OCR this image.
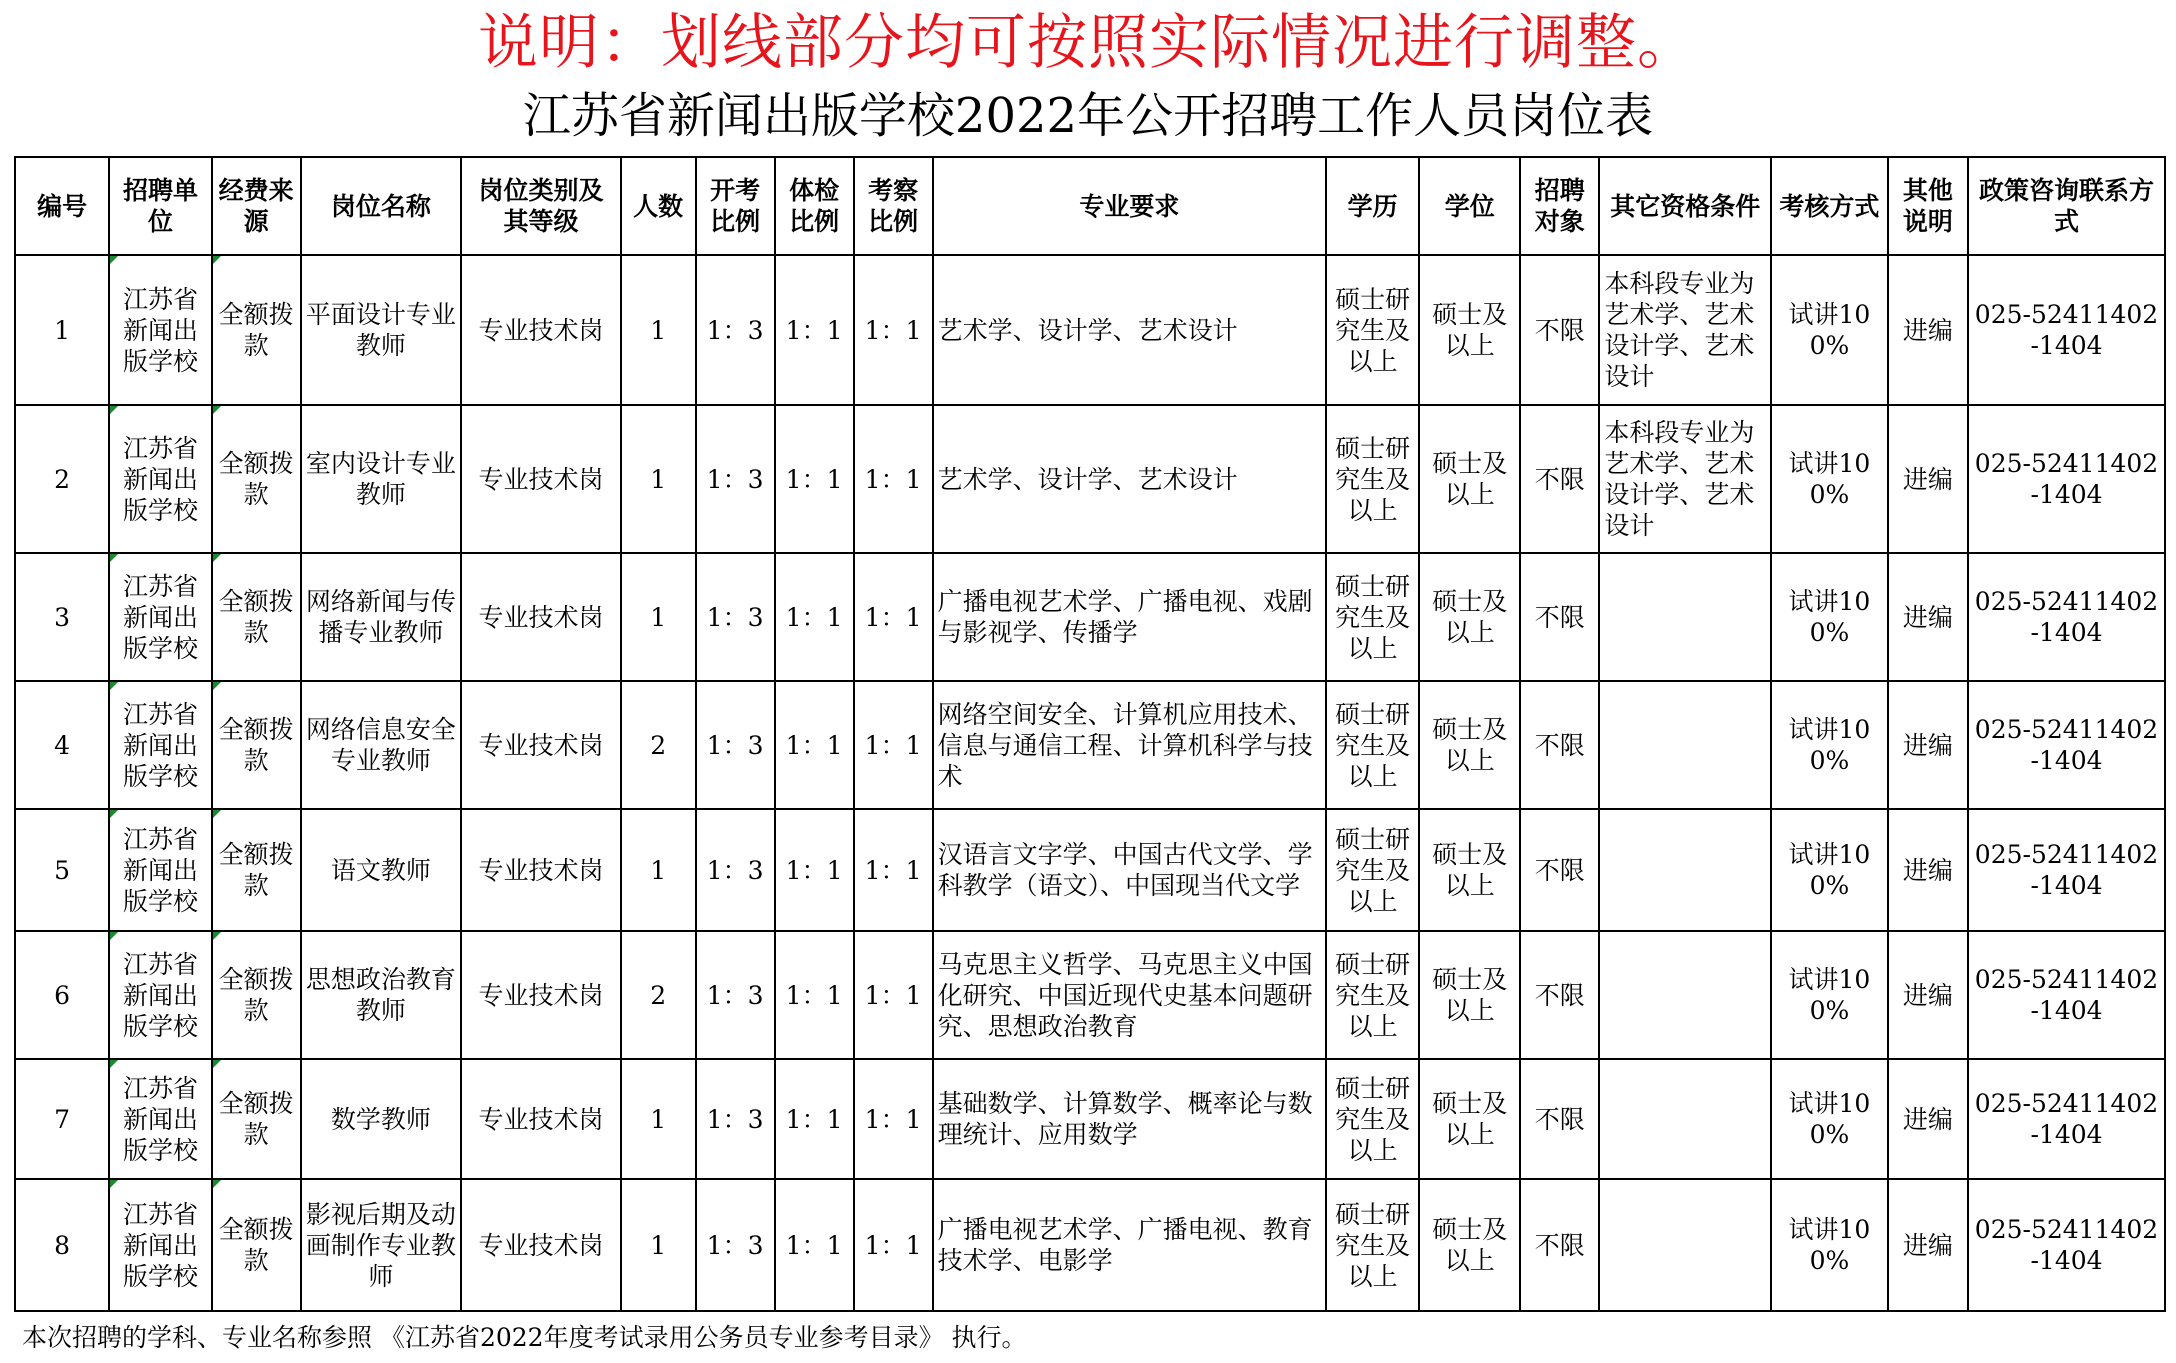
说明：划线部分均可按照实际情况进行调整。
江苏省新闻出版学校2022年公开招聘工作人员岗位表
编号	招聘单位	经费来源	岗位名称	岗位类别及其等级	人数	开考比例	体检比例	考察比例	专业要求	学历	学位	招聘对象	其它资格条件	考核方式	其他说明	政策咨询联系方式
1	江苏省新闻出版学校	全额拨款	平面设计专业教师	专业技术岗	1	1：3	1：1	1：1	艺术学、设计学、艺术设计	硕士研究生及以上	硕士及以上	不限	本科段专业为艺术学、艺术设计学、艺术设计	试讲100%	进编	025-52411402-1404
2	江苏省新闻出版学校	全额拨款	室内设计专业教师	专业技术岗	1	1：3	1：1	1：1	艺术学、设计学、艺术设计	硕士研究生及以上	硕士及以上	不限	本科段专业为艺术学、艺术设计学、艺术设计	试讲100%	进编	025-52411402-1404
3	江苏省新闻出版学校	全额拨款	网络新闻与传播专业教师	专业技术岗	1	1：3	1：1	1：1	广播电视艺术学、广播电视、戏剧与影视学、传播学	硕士研究生及以上	硕士及以上	不限		试讲100%	进编	025-52411402-1404
4	江苏省新闻出版学校	全额拨款	网络信息安全专业教师	专业技术岗	2	1：3	1：1	1：1	网络空间安全、计算机应用技术、信息与通信工程、计算机科学与技术	硕士研究生及以上	硕士及以上	不限		试讲100%	进编	025-52411402-1404
5	江苏省新闻出版学校	全额拨款	语文教师	专业技术岗	1	1：3	1：1	1：1	汉语言文字学、中国古代文学、学科教学（语文）、中国现当代文学	硕士研究生及以上	硕士及以上	不限		试讲100%	进编	025-52411402-1404
6	江苏省新闻出版学校	全额拨款	思想政治教育教师	专业技术岗	2	1：3	1：1	1：1	马克思主义哲学、马克思主义中国化研究、中国近现代史基本问题研究、思想政治教育	硕士研究生及以上	硕士及以上	不限		试讲100%	进编	025-52411402-1404
7	江苏省新闻出版学校	全额拨款	数学教师	专业技术岗	1	1：3	1：1	1：1	基础数学、计算数学、概率论与数理统计、应用数学	硕士研究生及以上	硕士及以上	不限		试讲100%	进编	025-52411402-1404
8	江苏省新闻出版学校	全额拨款	影视后期及动画制作专业教师	专业技术岗	1	1：3	1：1	1：1	广播电视艺术学、广播电视、教育技术学、电影学	硕士研究生及以上	硕士及以上	不限		试讲100%	进编	025-52411402-1404
本次招聘的学科、专业名称参照 《江苏省2022年度考试录用公务员专业参考目录》 执行。
